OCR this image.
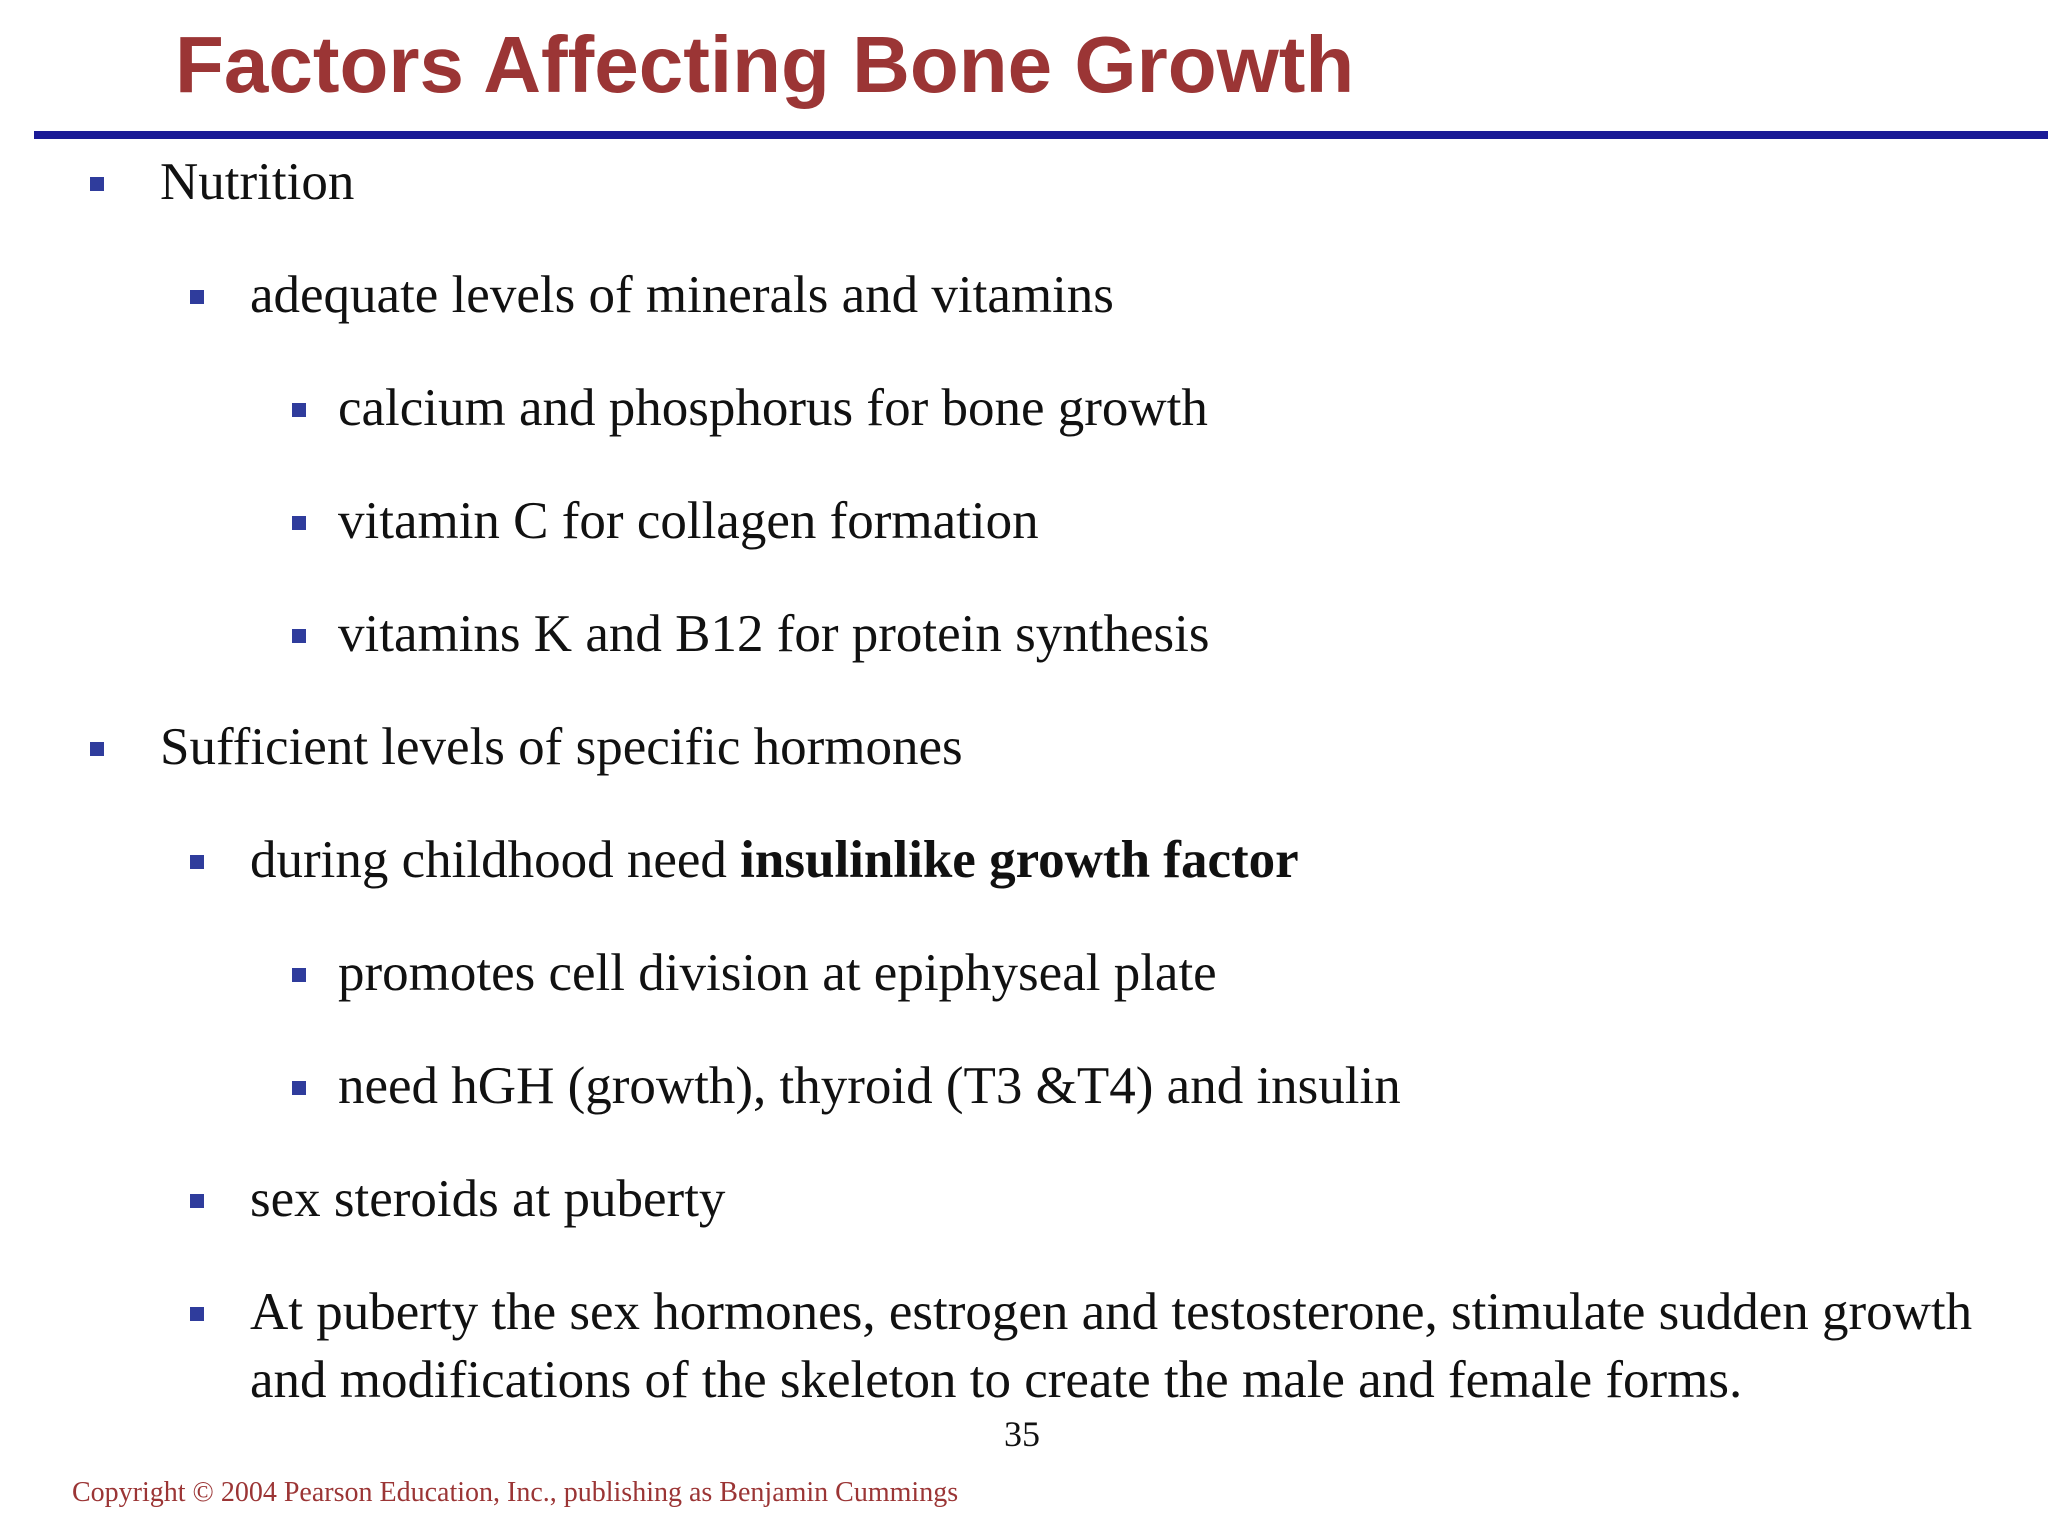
Factors Affecting Bone Growth
Nutrition
adequate levels of minerals and vitamins
calcium and phosphorus for bone growth
vitamin C for collagen formation
vitamins K and B12 for protein synthesis
Sufficient levels of specific hormones
during childhood need insulinlike growth factor
promotes cell division at epiphyseal plate
need hGH (growth), thyroid (T3 &T4) and insulin
sex steroids at puberty
At puberty the sex hormones, estrogen and testosterone, stimulate sudden growth and modifications of the skeleton to create the male and female forms.
35
Copyright © 2004 Pearson Education, Inc., publishing as Benjamin Cummings
